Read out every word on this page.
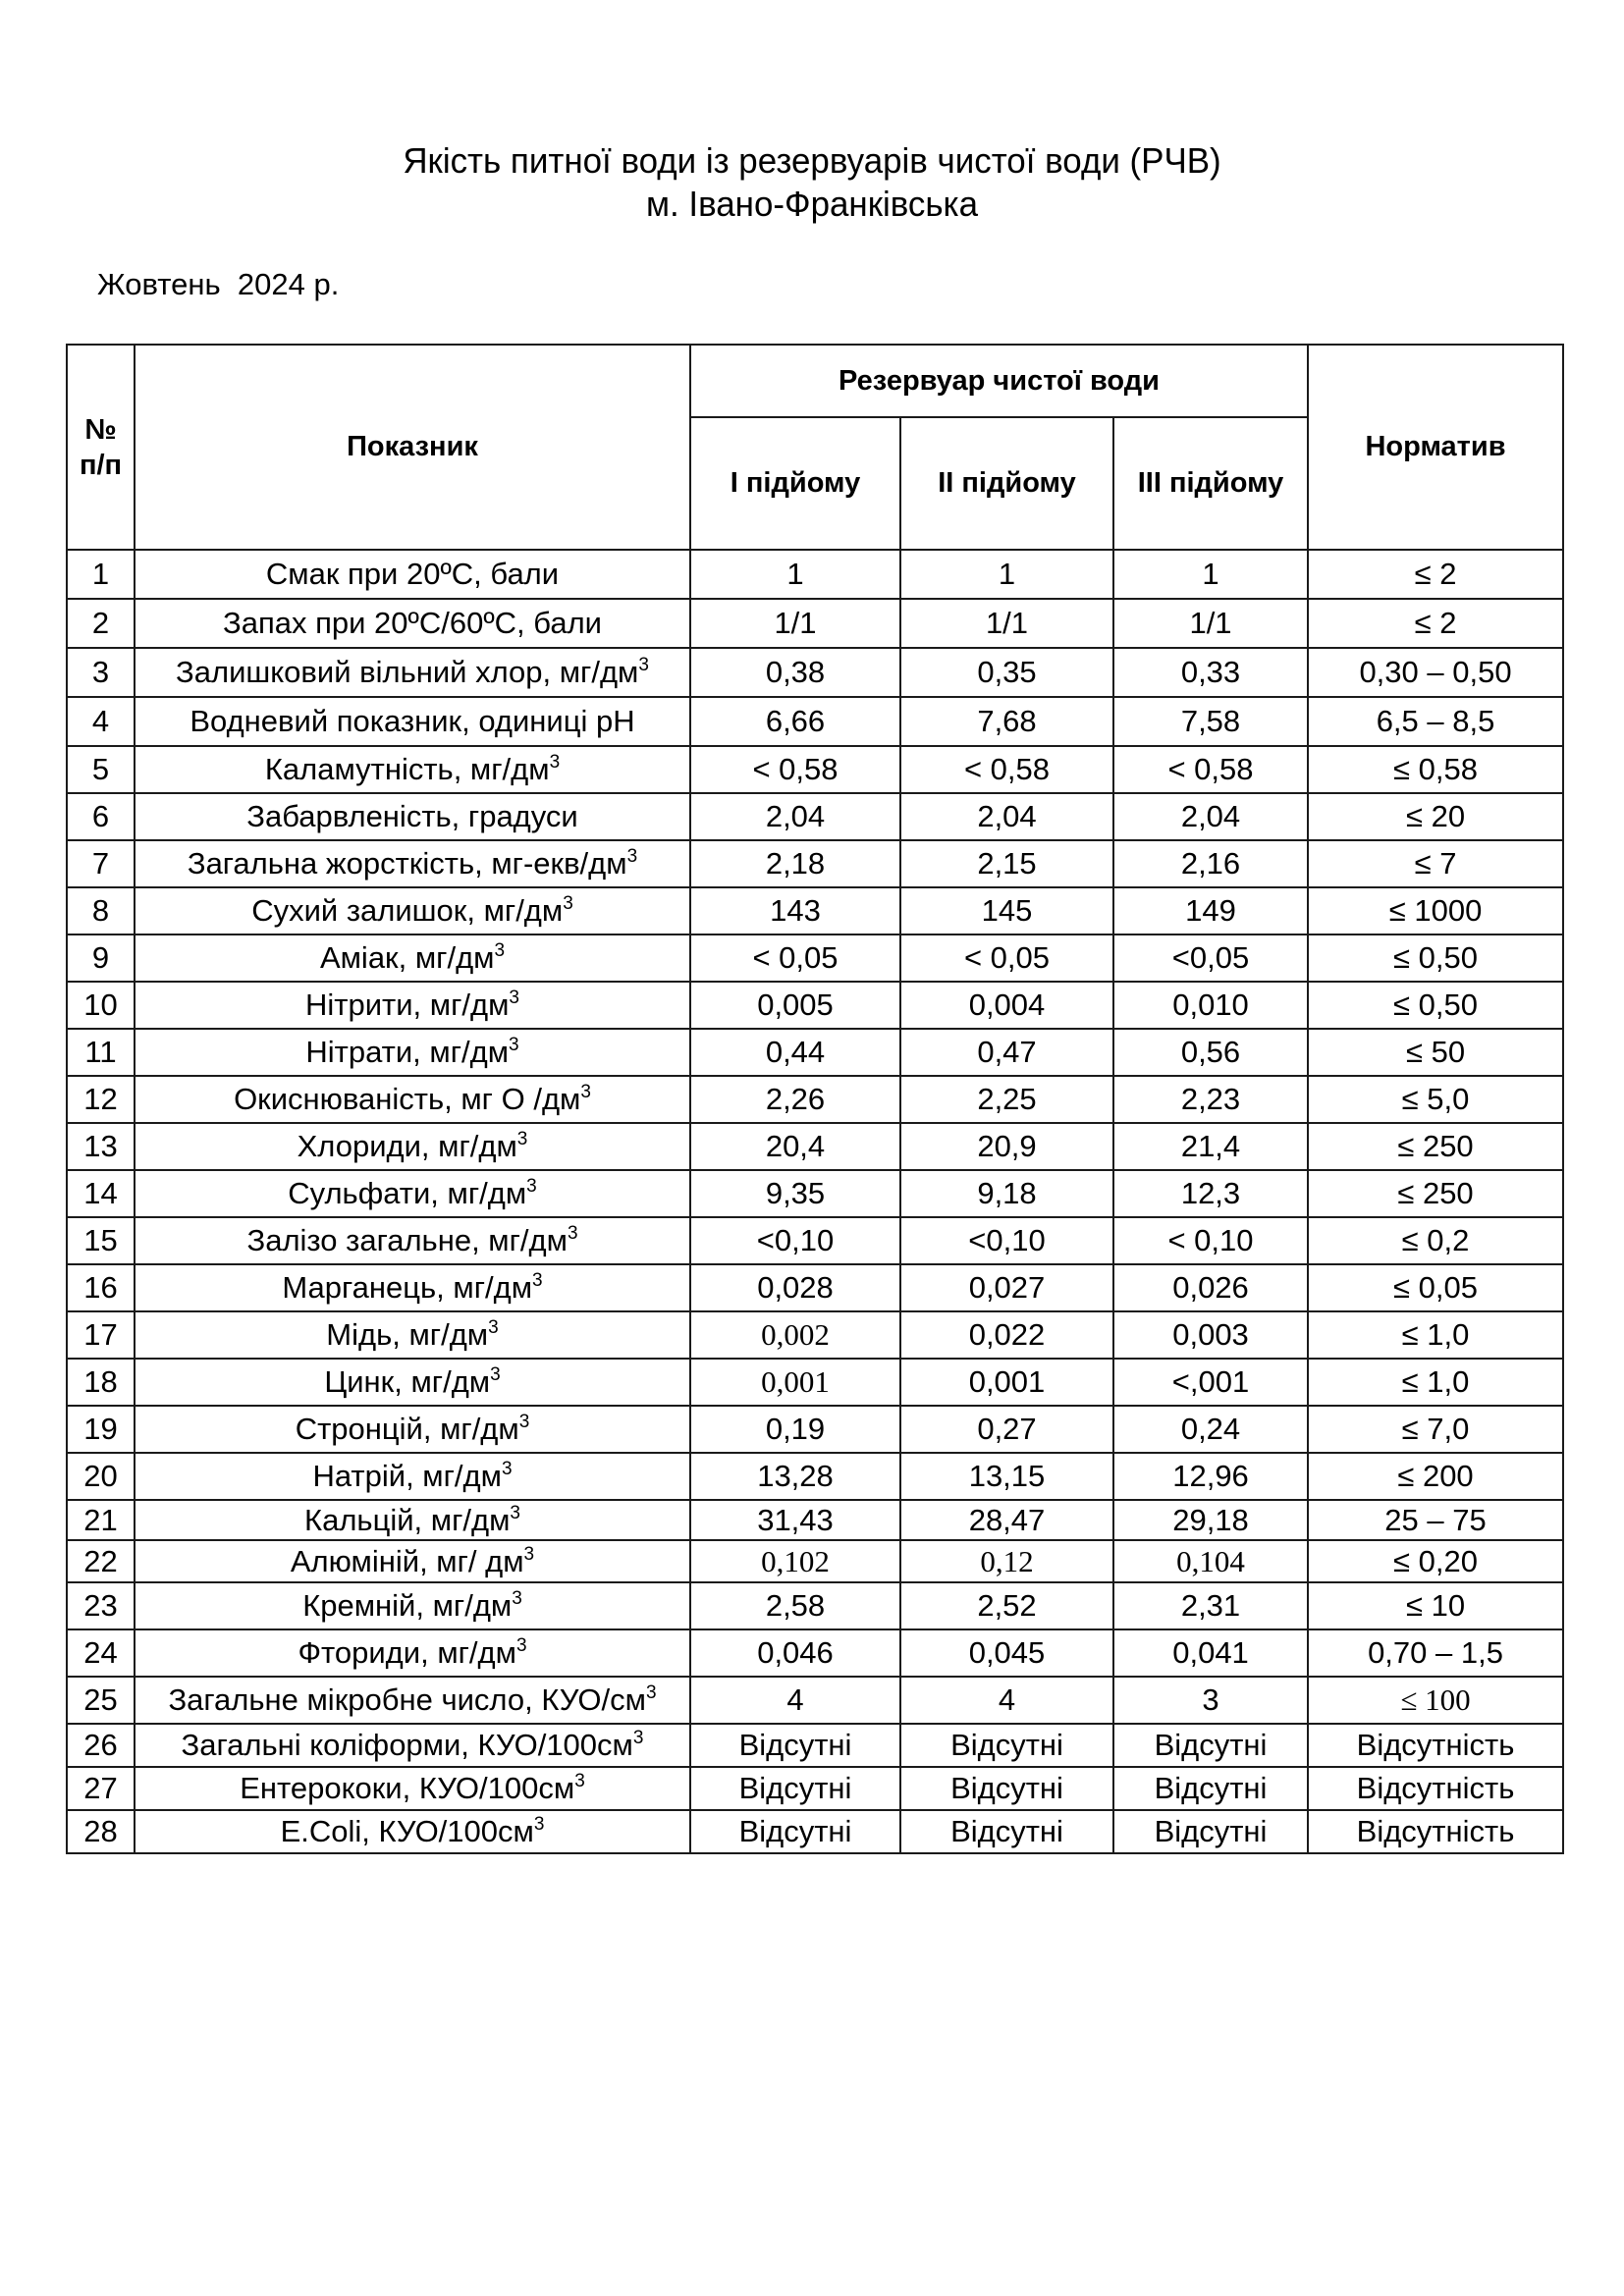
Якість питної води із резервуарів чистої води (РЧВ)
м. Івано-Франківська
Жовтень  2024 р.
№
п/п	Показник	Резервуар чистої води			Норматив
		I підйому	II підйому	III підйому	
1	Смак при 20ºС, бали	1	1	1	≤ 2
2	Запах при 20ºС/60ºС, бали	1/1	1/1	1/1	≤ 2
3	Залишковий вільний хлор, $мг/дм^3$	0,38	0,35	0,33	0,30 – 0,50
4	Водневий показник, одиниці рН	6,66	7,68	7,58	6,5 – 8,5
5	Каламутність, $мг/дм^3$	< 0,58	< 0,58	< 0,58	≤ 0,58
6	Забарвленість, градуси	2,04	2,04	2,04	≤ 20
7	Загальна жорсткість, $мг-екв/дм^3$	2,18	2,15	2,16	≤ 7
8	Сухий залишок, $мг/дм^3$	143	145	149	≤ 1000
9	Аміак, $мг/дм^3$	< 0,05	< 0,05	<0,05	≤ 0,50
10	Нітрити, $мг/дм^3$	0,005	0,004	0,010	≤ 0,50
11	Нітрати, $мг/дм^3$	0,44	0,47	0,56	≤ 50
12	Окиснюваність, мг О $/дм^3$	2,26	2,25	2,23	≤ 5,0
13	Хлориди, $мг/дм^3$	20,4	20,9	21,4	≤ 250
14	Сульфати, $мг/дм^3$	9,35	9,18	12,3	≤ 250
15	Залізо загальне, $мг/дм^3$	<0,10	<0,10	< 0,10	≤ 0,2
16	Марганець, $мг/дм^3$	0,028	0,027	0,026	≤ 0,05
17	Мідь, $мг/дм^3$	0,002	0,022	0,003	≤ 1,0
18	Цинк, $мг/дм^3$	0,001	0,001	<,001	≤ 1,0
19	Стронцій, $мг/дм^3$	0,19	0,27	0,24	≤ 7,0
20	Натрій, $мг/дм^3$	13,28	13,15	12,96	≤ 200
21	Кальцій, $мг/дм^3$	31,43	28,47	29,18	25 – 75
22	Алюміній, мг/ $дм^3$	0,102	0,12	0,104	≤ 0,20
23	Кремній, $мг/дм^3$	2,58	2,52	2,31	≤ 10
24	Фториди, $мг/дм^3$	0,046	0,045	0,041	0,70 – 1,5
25	Загальне мікробне число, КУО/$см^3$	4	4	3	≤ 100
26	Загальні коліформи, КУО/$100см^3$	Відсутні	Відсутні	Відсутні	Відсутність
27	Ентерококи, КУО/$100см^3$	Відсутні	Відсутні	Відсутні	Відсутність
28	E.Coli, КУО/$100см^3$	Відсутні	Відсутні	Відсутні	Відсутність
